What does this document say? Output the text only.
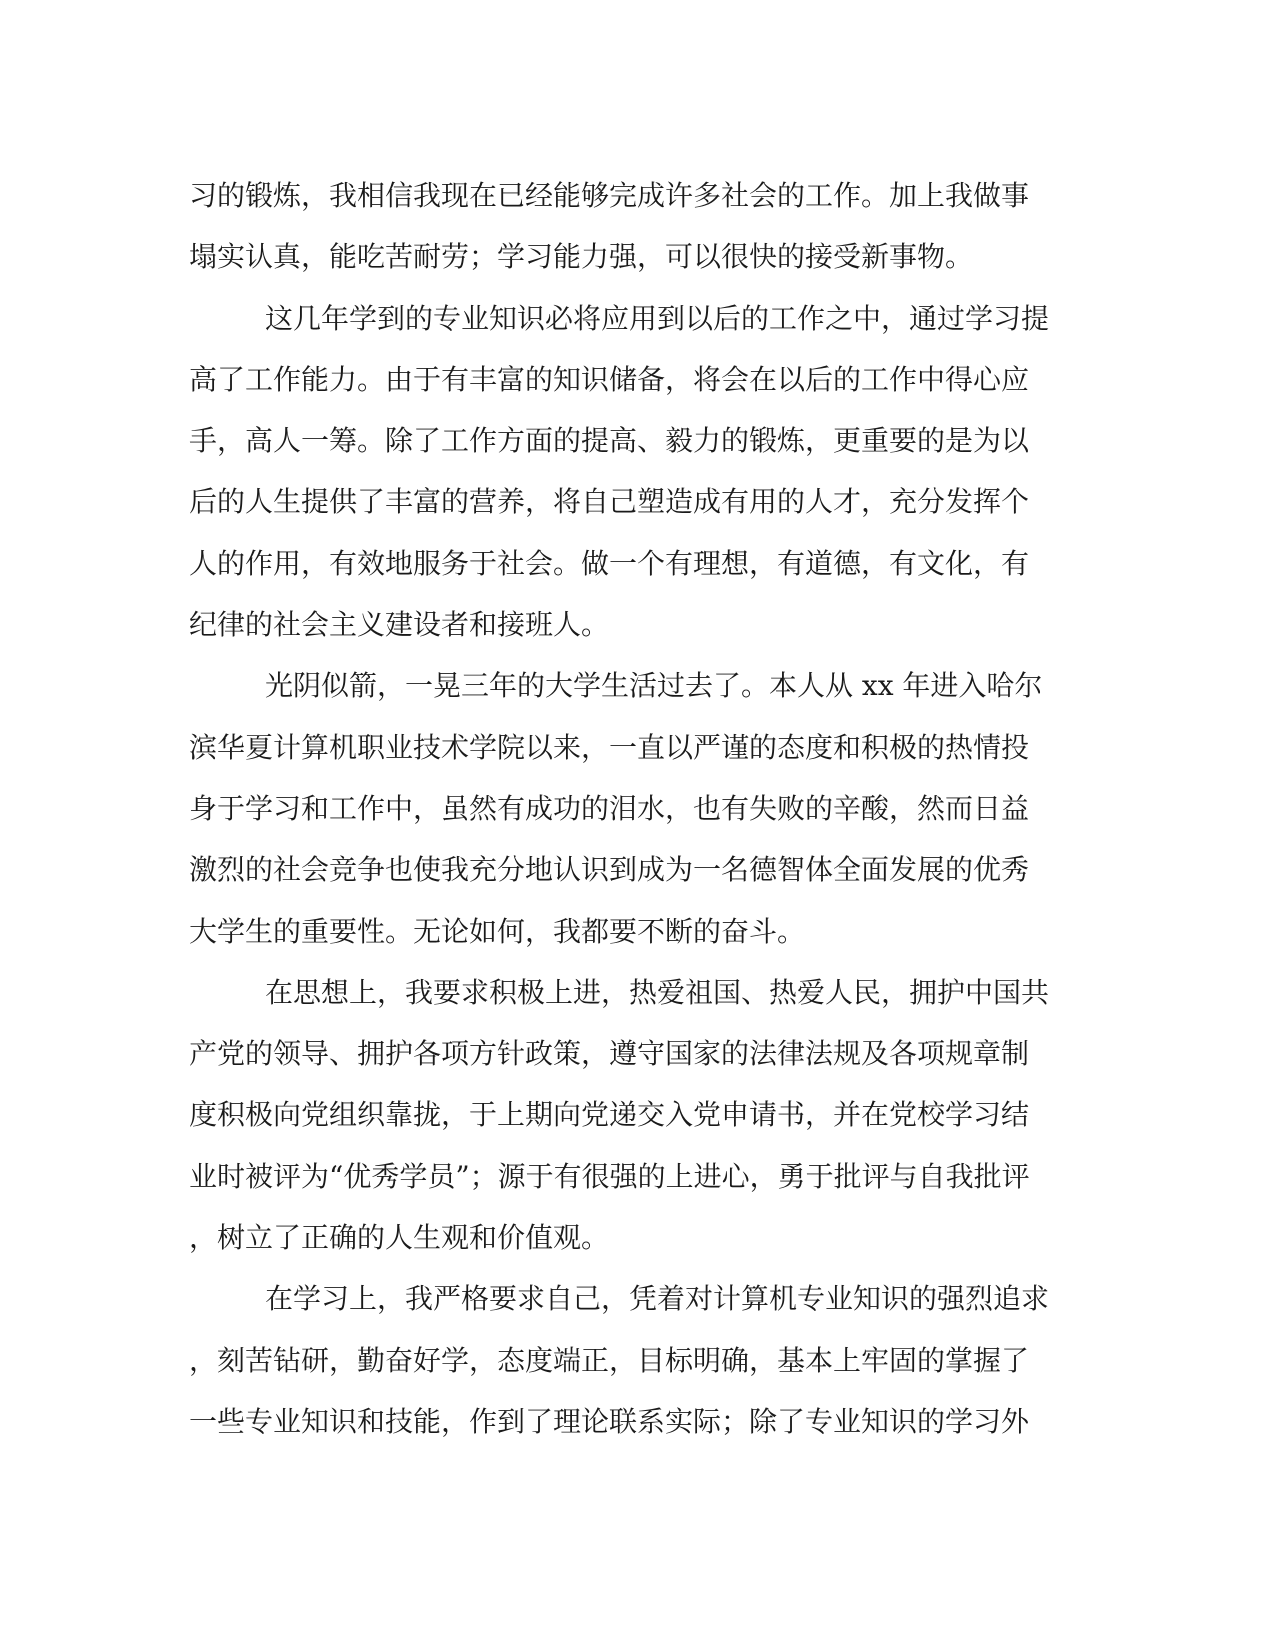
习的锻炼，我相信我现在已经能够完成许多社会的工作。加上我做事
塌实认真，能吃苦耐劳；学习能力强，可以很快的接受新事物。
这几年学到的专业知识必将应用到以后的工作之中，通过学习提
高了工作能力。由于有丰富的知识储备，将会在以后的工作中得心应
手，高人一筹。除了工作方面的提高、毅力的锻炼，更重要的是为以
后的人生提供了丰富的营养，将自己塑造成有用的人才，充分发挥个
人的作用，有效地服务于社会。做一个有理想，有道德，有文化，有
纪律的社会主义建设者和接班人。
光阴似箭，一晃三年的大学生活过去了。本人从 xx 年进入哈尔
滨华夏计算机职业技术学院以来，一直以严谨的态度和积极的热情投
身于学习和工作中，虽然有成功的泪水，也有失败的辛酸，然而日益
激烈的社会竞争也使我充分地认识到成为一名德智体全面发展的优秀
大学生的重要性。无论如何，我都要不断的奋斗。
在思想上，我要求积极上进，热爱祖国、热爱人民，拥护中国共
产党的领导、拥护各项方针政策，遵守国家的法律法规及各项规章制
度积极向党组织靠拢，于上期向党递交入党申请书，并在党校学习结
业时被评为“优秀学员”；源于有很强的上进心，勇于批评与自我批评
，树立了正确的人生观和价值观。
在学习上，我严格要求自己，凭着对计算机专业知识的强烈追求
，刻苦钻研，勤奋好学，态度端正，目标明确，基本上牢固的掌握了
一些专业知识和技能，作到了理论联系实际；除了专业知识的学习外
